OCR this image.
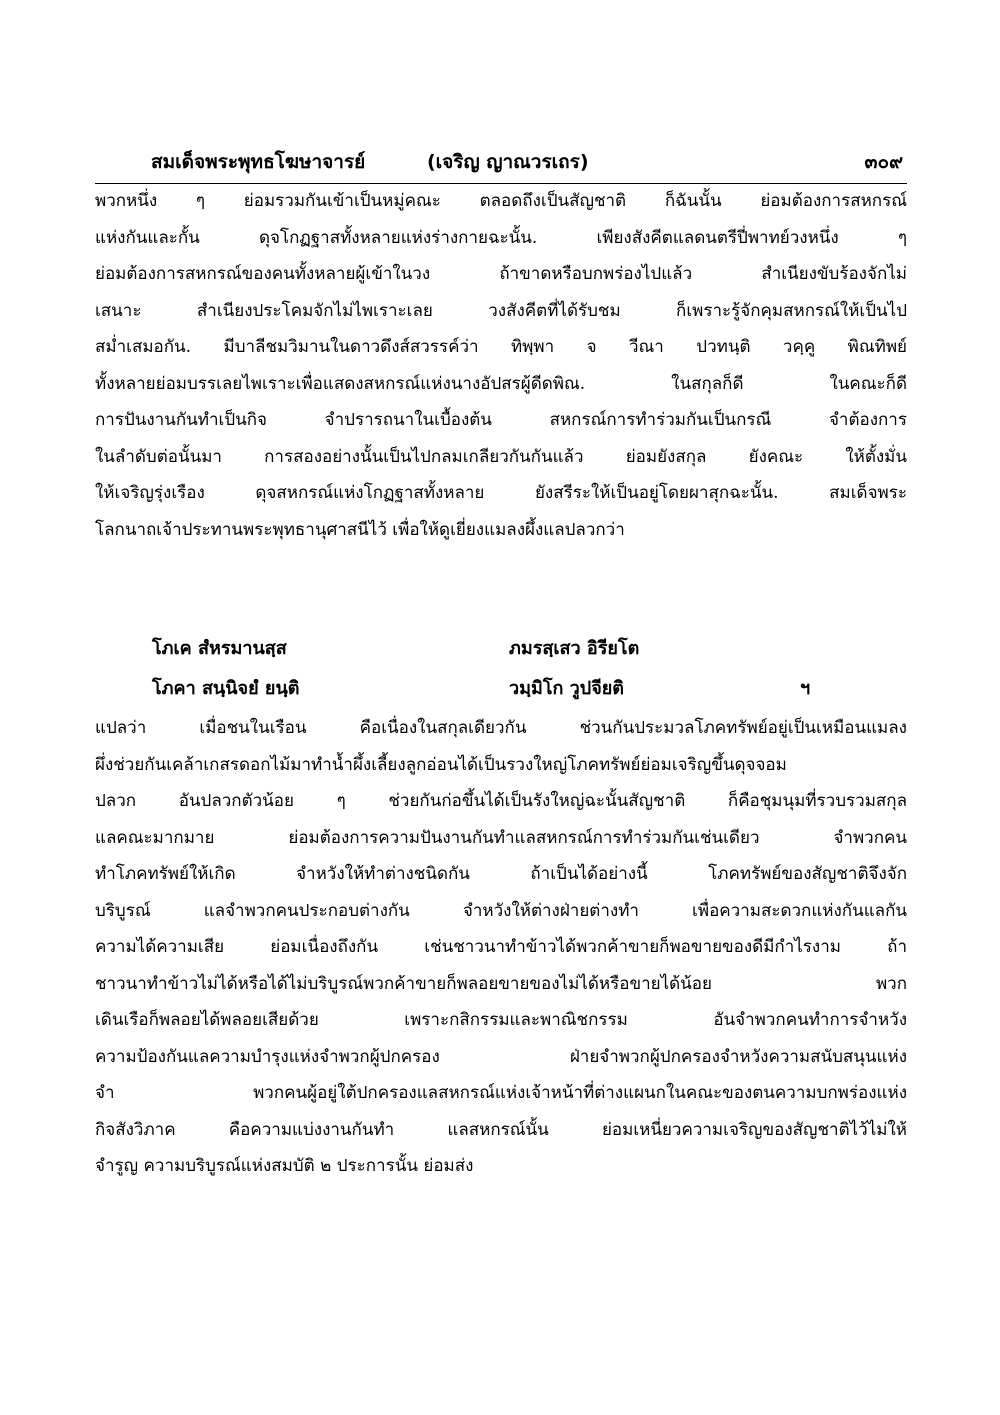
สมเด็จพระพุทธโฆษาจารย์	(เจริญ ญาณวรเถร)	๓๐๙
พวกหนึ่ง ๆ ย่อมรวมกันเข้าเป็นหมู่คณะ ตลอดถึงเป็นสัญชาติ ก็ฉันนั้น ย่อมต้องการสหกรณ์
แห่งกันและกั้น ดุจโกฏฐาสทั้งหลายแห่งร่างกายฉะนั้น. เพียงสังคีตแลดนตรีปี่พาทย์วงหนึ่ง ๆ
ย่อมต้องการสหกรณ์ของคนทั้งหลายผู้เข้าในวง ถ้าขาดหรือบกพร่องไปแล้ว สำเนียงขับร้องจักไม่
เสนาะ สำเนียงประโคมจักไม่ไพเราะเลย วงสังคีตที่ได้รับชม ก็เพราะรู้จักคุมสหกรณ์ให้เป็นไป
สม่ำเสมอกัน. มีบาลีชมวิมานในดาวดึงส์สวรรค์ว่า ทิพฺพา จ วีณา ปวทนฺติ วคฺคู พิณทิพย์
ทั้งหลายย่อมบรรเลยไพเราะเพื่อแสดงสหกรณ์แห่งนางอัปสรผู้ดีดพิณ. ในสกุลก็ดี ในคณะก็ดี
การปันงานกันทำเป็นกิจ จำปรารถนาในเบื้องต้น สหกรณ์การทำร่วมกันเป็นกรณี จำต้องการ
ในลำดับต่อนั้นมา การสองอย่างนั้นเป็นไปกลมเกลียวกันกันแล้ว ย่อมยังสกุล ยังคณะ ให้ตั้งมั่น
ให้เจริญรุ่งเรือง ดุจสหกรณ์แห่งโกฏฐาสทั้งหลาย ยังสรีระให้เป็นอยู่โดยผาสุกฉะนั้น. สมเด็จพระ
โลกนาถเจ้าประทานพระพุทธานุศาสนีไว้ เพื่อให้ดูเยี่ยงแมลงผึ้งแลปลวกว่า
โภเค สํหรมานสฺส	ภมรสฺเสว อิรียโต
โภคา สนฺนิจยํ ยนฺติ	วมฺมิโก วูปจียติ	ฯ
แปลว่า เมื่อชนในเรือน คือเนื่องในสกุลเดียวกัน ช่วนกันประมวลโภคทรัพย์อยู่เป็นเหมือนแมลง
ผึ่งช่วยกันเคล้าเกสรดอกไม้มาทำน้ำผึ้งเลี้ยงลูกอ่อนได้เป็นรวงใหญ่โภคทรัพย์ย่อมเจริญขึ้นดุจจอม
ปลวก อันปลวกตัวน้อย ๆ ช่วยกันก่อขึ้นได้เป็นรังใหญ่ฉะนั้นสัญชาติ ก็คือชุมนุมที่รวบรวมสกุล
แลคณะมากมาย ย่อมต้องการความปันงานกันทำแลสหกรณ์การทำร่วมกันเช่นเดียว จำพวกคน
ทำโภคทรัพย์ให้เกิด จำหวังให้ทำต่างชนิดกัน ถ้าเป็นได้อย่างนี้ โภคทรัพย์ของสัญชาติจึงจัก
บริบูรณ์ แลจำพวกคนประกอบต่างกัน จำหวังให้ต่างฝ่ายต่างทำ เพื่อความสะดวกแห่งกันแลกัน
ความได้ความเสีย ย่อมเนื่องถึงกัน เช่นชาวนาทำข้าวได้พวกค้าขายก็พอขายของดีมีกำไรงาม ถ้า
ชาวนาทำข้าวไม่ได้หรือได้ไม่บริบูรณ์พวกค้าขายก็พลอยขายของไม่ได้หรือขายได้น้อย พวก
เดินเรือก็พลอยได้พลอยเสียด้วย เพราะกสิกรรมและพาณิชกรรม อันจำพวกคนทำการจำหวัง
ความป้องกันแลความบำรุงแห่งจำพวกผู้ปกครอง ฝ่ายจำพวกผู้ปกครองจำหวังความสนับสนุนแห่ง
จำ พวกคนผู้อยู่ใต้ปกครองแลสหกรณ์แห่งเจ้าหน้าที่ต่างแผนกในคณะของตนความบกพร่องแห่ง
กิจสังวิภาค คือความแบ่งงานกันทำ แลสหกรณ์นั้น ย่อมเหนี่ยวความเจริญของสัญชาติไว้ไม่ให้
จำรูญ ความบริบูรณ์แห่งสมบัติ ๒ ประการนั้น ย่อมส่ง
